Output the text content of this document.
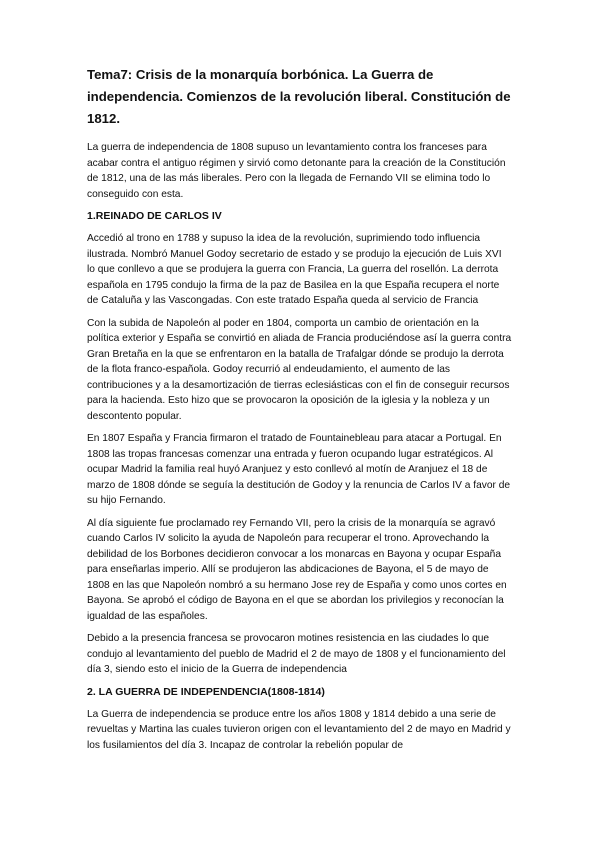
Tema7: Crisis de la monarquía borbónica. La Guerra de independencia. Comienzos de la revolución liberal. Constitución de 1812.

La guerra de independencia de 1808 supuso un levantamiento contra los franceses para acabar contra el antiguo régimen y sirvió como detonante para la creación de la Constitución de 1812, una de las más liberales. Pero con la llegada de Fernando VII se elimina todo lo conseguido con esta.

1.REINADO DE CARLOS IV

Accedió al trono en 1788 y supuso la idea de la revolución, suprimiendo todo influencia ilustrada. Nombró Manuel Godoy secretario de estado y se produjo la ejecución de Luis XVI lo que conllevo a que se produjera la guerra con Francia, La guerra del rosellón. La derrota española en 1795 condujo la firma de la paz de Basilea en la que España recupera el norte de Cataluña y las Vascongadas. Con este tratado España queda al servicio de Francia

Con la subida de Napoleón al poder en 1804, comporta un cambio de orientación en la política exterior y España se convirtió en aliada de Francia produciéndose así la guerra contra Gran Bretaña en la que se enfrentaron en la batalla de Trafalgar dónde se produjo la derrota de la flota franco-española. Godoy recurrió al endeudamiento, el aumento de las contribuciones y a la desamortización de tierras eclesiásticas con el fin de conseguir recursos para la hacienda. Esto hizo que se provocaron la oposición de la iglesia y la nobleza y un descontento popular.

En 1807 España y Francia firmaron el tratado de Fountainebleau para atacar a Portugal. En 1808 las tropas francesas comenzar una entrada y fueron ocupando lugar estratégicos. Al ocupar Madrid la familia real huyó Aranjuez y esto conllevó al motín de Aranjuez el 18 de marzo de 1808 dónde se seguía la destitución de Godoy y la renuncia de Carlos IV a favor de su hijo Fernando.

Al día siguiente fue proclamado rey Fernando VII, pero la crisis de la monarquía se agravó cuando Carlos IV solicito la ayuda de Napoleón para recuperar el trono. Aprovechando la debilidad de los Borbones decidieron convocar a los monarcas en Bayona y ocupar España para enseñarlas imperio. Allí se produjeron las abdicaciones de Bayona, el 5 de mayo de 1808 en las que Napoleón nombró a su hermano Jose rey de España y como unos cortes en Bayona. Se aprobó el código de Bayona en el que se abordan los privilegios y reconocían la igualdad de las españoles.

Debido a la presencia francesa se provocaron motines resistencia en las ciudades lo que condujo al levantamiento del pueblo de Madrid el 2 de mayo de 1808 y el funcionamiento del día 3, siendo esto el inicio de la Guerra de independencia

2. LA GUERRA DE INDEPENDENCIA(1808-1814)

La Guerra de independencia se produce entre los años 1808 y 1814 debido a una serie de revueltas y Martina las cuales tuvieron origen con el levantamiento del 2 de mayo en Madrid y los fusilamientos del día 3. Incapaz de controlar la rebelión popular de
